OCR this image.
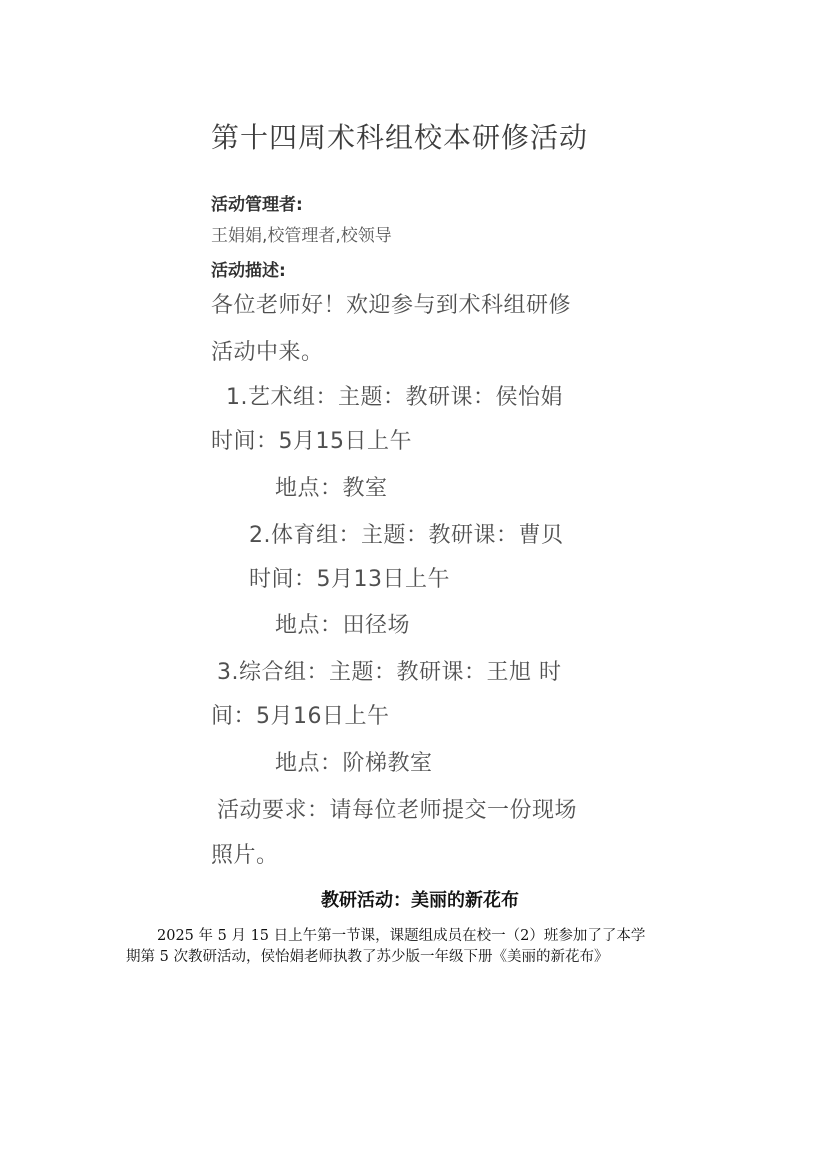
第十四周术科组校本研修活动
活动管理者:
王娟娟,校管理者,校领导
活动描述:
各位老师好！欢迎参与到术科组研修
活动中来。
1.艺术组：主题：教研课：侯怡娟
时间：5月15日上午
地点：教室
2.体育组：主题：教研课：曹贝
时间：5月13日上午
地点：田径场
3.综合组：主题：教研课：王旭 时
间：5月16日上午
地点：阶梯教室
活动要求：请每位老师提交一份现场
照片。
教研活动：美丽的新花布
2025 年 5 月 15 日上午第一节课，课题组成员在校一（2）班参加了了本学
期第 5 次教研活动，侯怡娟老师执教了苏少版一年级下册《美丽的新花布》
